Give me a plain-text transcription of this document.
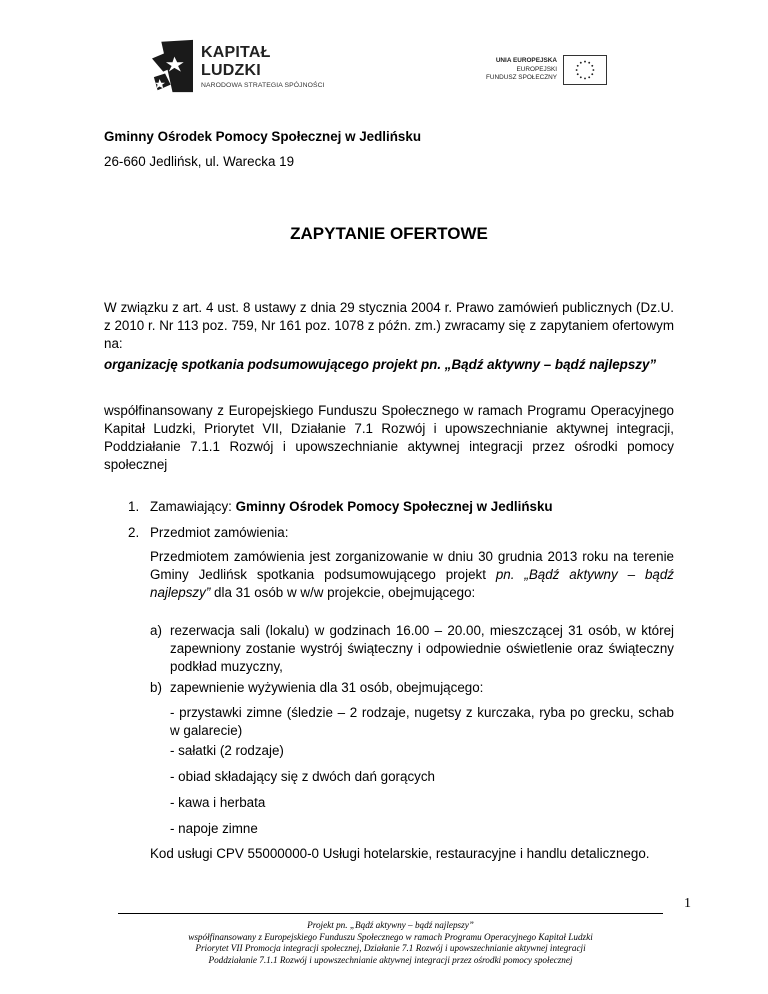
KAPITAŁ LUDZKI
NARODOWA STRATEGIA SPÓJNOŚCI
UNIA EUROPEJSKA
EUROPEJSKI
FUNDUSZ SPOŁECZNY
Gminny Ośrodek Pomocy Społecznej w Jedlińsku
26-660 Jedlińsk, ul. Warecka 19
ZAPYTANIE OFERTOWE
W związku z art. 4 ust. 8 ustawy z dnia 29 stycznia 2004 r. Prawo zamówień publicznych (Dz.U. z 2010 r. Nr 113 poz. 759, Nr 161 poz. 1078 z późn. zm.) zwracamy się z zapytaniem ofertowym na:
organizację spotkania podsumowującego projekt pn. „Bądź aktywny – bądź najlepszy”
współfinansowany z Europejskiego Funduszu Społecznego w ramach Programu Operacyjnego Kapitał Ludzki, Priorytet VII, Działanie 7.1 Rozwój i upowszechnianie aktywnej integracji, Poddziałanie 7.1.1 Rozwój i upowszechnianie aktywnej integracji przez ośrodki pomocy społecznej
1. Zamawiający: Gminny Ośrodek Pomocy Społecznej w Jedlińsku
2. Przedmiot zamówienia:
Przedmiotem zamówienia jest zorganizowanie w dniu 30 grudnia 2013 roku na terenie Gminy Jedlińsk spotkania podsumowującego projekt pn. „Bądź aktywny – bądź najlepszy” dla 31 osób w w/w projekcie, obejmującego:
a) rezerwacja sali (lokalu) w godzinach 16.00 – 20.00, mieszczącej 31 osób, w której zapewniony zostanie wystrój świąteczny i odpowiednie oświetlenie oraz świąteczny podkład muzyczny,
b) zapewnienie wyżywienia dla 31 osób, obejmującego:
- przystawki zimne (śledzie – 2 rodzaje, nugetsy z kurczaka, ryba po grecku, schab w galarecie)
- sałatki (2 rodzaje)
- obiad składający się z dwóch dań gorących
- kawa i herbata
- napoje zimne
Kod usługi CPV 55000000-0 Usługi hotelarskie, restauracyjne i handlu detalicznego.
1
Projekt pn. „Bądź aktywny – bądź najlepszy”
współfinansowany z Europejskiego Funduszu Społecznego w ramach Programu Operacyjnego Kapitał Ludzki
Priorytet VII Promocja integracji społecznej, Działanie 7.1 Rozwój i upowszechnianie aktywnej integracji
Poddziałanie 7.1.1 Rozwój i upowszechnianie aktywnej integracji przez ośrodki pomocy społecznej
